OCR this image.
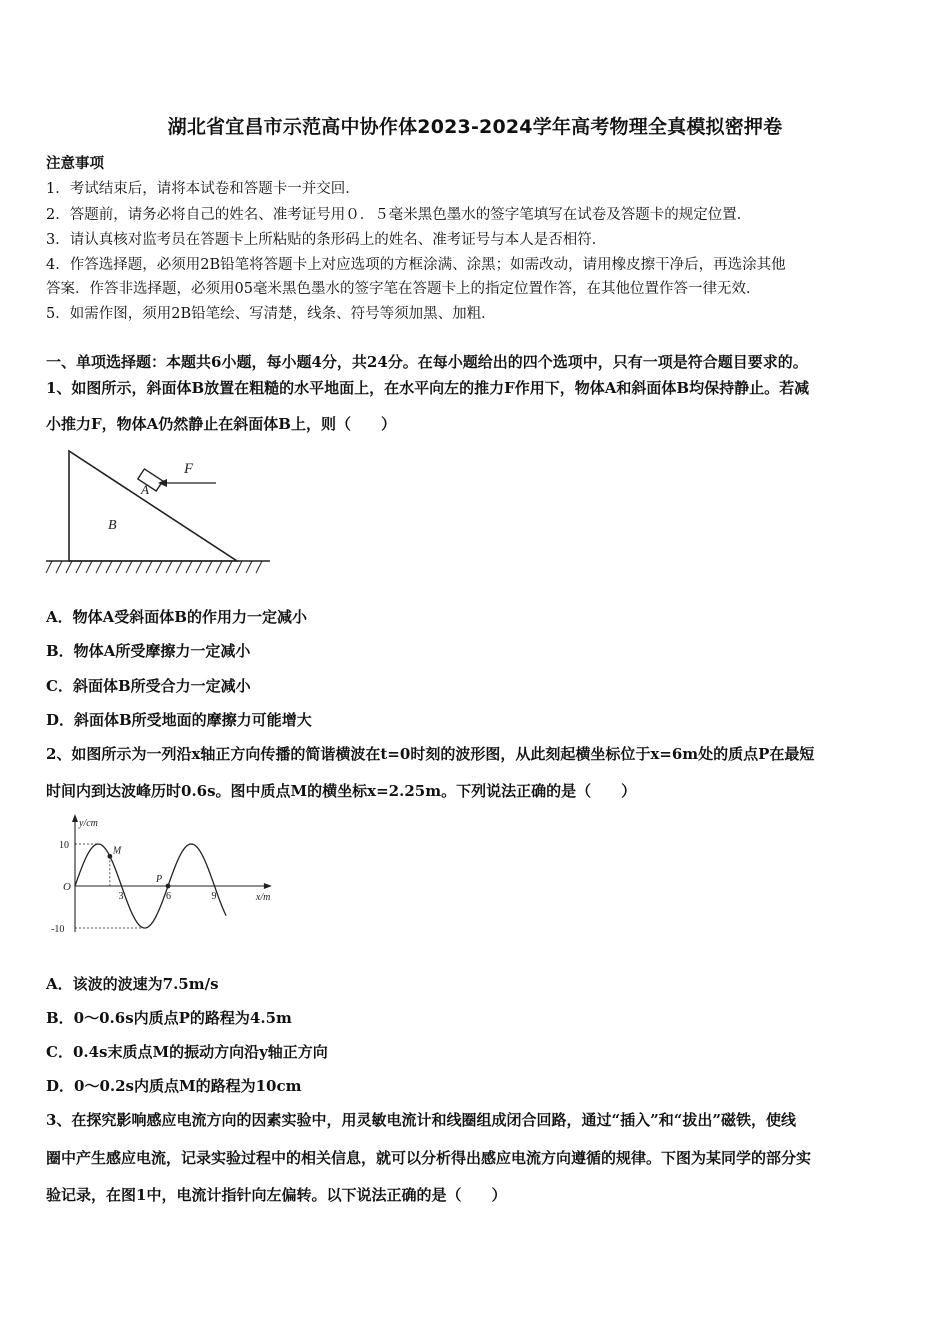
湖北省宜昌市示范高中协作体2023-2024学年高考物理全真模拟密押卷
注意事项
1．考试结束后，请将本试卷和答题卡一并交回．
2．答题前，请务必将自己的姓名、准考证号用０．５毫米黑色墨水的签字笔填写在试卷及答题卡的规定位置．
3．请认真核对监考员在答题卡上所粘贴的条形码上的姓名、准考证号与本人是否相符．
4．作答选择题，必须用2B铅笔将答题卡上对应选项的方框涂满、涂黑；如需改动，请用橡皮擦干净后，再选涂其他
答案．作答非选择题，必须用05毫米黑色墨水的签字笔在答题卡上的指定位置作答，在其他位置作答一律无效．
5．如需作图，须用2B铅笔绘、写清楚，线条、符号等须加黑、加粗．
一、单项选择题：本题共6小题，每小题4分，共24分。在每小题给出的四个选项中，只有一项是符合题目要求的。
1、如图所示，斜面体B放置在粗糙的水平地面上，在水平向左的推力F作用下，物体A和斜面体B均保持静止。若减
小推力F，物体A仍然静止在斜面体B上，则（　　）
A
B
F
A．物体A受斜面体B的作用力一定减小
B．物体A所受摩擦力一定减小
C．斜面体B所受合力一定减小
D．斜面体B所受地面的摩擦力可能增大
2、如图所示为一列沿x轴正方向传播的简谐横波在t=0时刻的波形图，从此刻起横坐标位于x=6m处的质点P在最短
时间内到达波峰历时0.6s。图中质点M的横坐标x=2.25m。下列说法正确的是（　　）
y/cm
x/m
O
10
-10
3	6	9
M
P
A．该波的波速为7.5m/s
B．0～0.6s内质点P的路程为4.5m
C．0.4s末质点M的振动方向沿y轴正方向
D．0～0.2s内质点M的路程为10cm
3、在探究影响感应电流方向的因素实验中，用灵敏电流计和线圈组成闭合回路，通过“插入”和“拔出”磁铁，使线
圈中产生感应电流，记录实验过程中的相关信息，就可以分析得出感应电流方向遵循的规律。下图为某同学的部分实
验记录，在图1中，电流计指针向左偏转。以下说法正确的是（　　）
